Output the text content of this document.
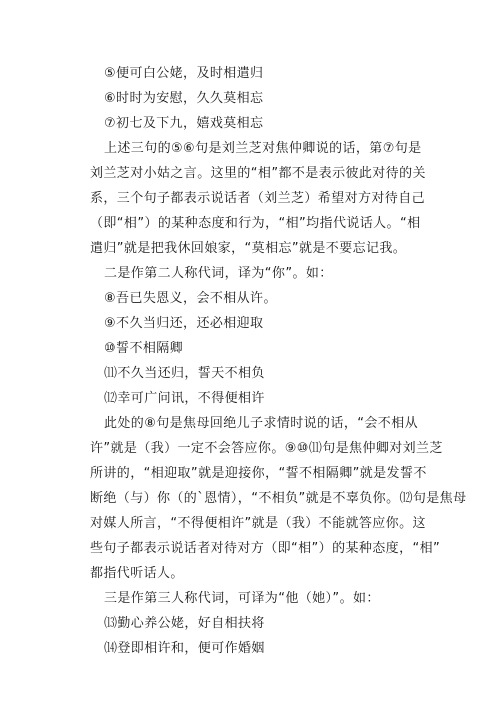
⑤便可白公姥，及时相遣归
⑥时时为安慰，久久莫相忘
⑦初七及下九，嬉戏莫相忘
上述三句的⑤⑥句是刘兰芝对焦仲卿说的话，第⑦句是
刘兰芝对小姑之言。这里的“相”都不是表示彼此对待的关
系，三个句子都表示说话者（刘兰芝）希望对方对待自己
（即“相”）的某种态度和行为，“相”均指代说话人。“相
遣归”就是把我休回娘家，“莫相忘”就是不要忘记我。
二是作第二人称代词，译为“你”。如：
⑧吾已失恩义，会不相从许。
⑨不久当归还，还必相迎取
⑩誓不相隔卿
⑾不久当还归，誓天不相负
⑿幸可广问讯，不得便相许
此处的⑧句是焦母回绝儿子求情时说的话，“会不相从
许”就是（我）一定不会答应你。⑨⑩⑾句是焦仲卿对刘兰芝
所讲的，“相迎取”就是迎接你，“誓不相隔卿”就是发誓不
断绝（与）你（的`恩情），“不相负”就是不辜负你。⑿句是焦母
对媒人所言，“不得便相许”就是（我）不能就答应你。这
些句子都表示说话者对待对方（即“相”）的某种态度，“相”
都指代听话人。
三是作第三人称代词，可译为“他（她）”。如：
⒀勤心养公姥，好自相扶将
⒁登即相许和，便可作婚姻
